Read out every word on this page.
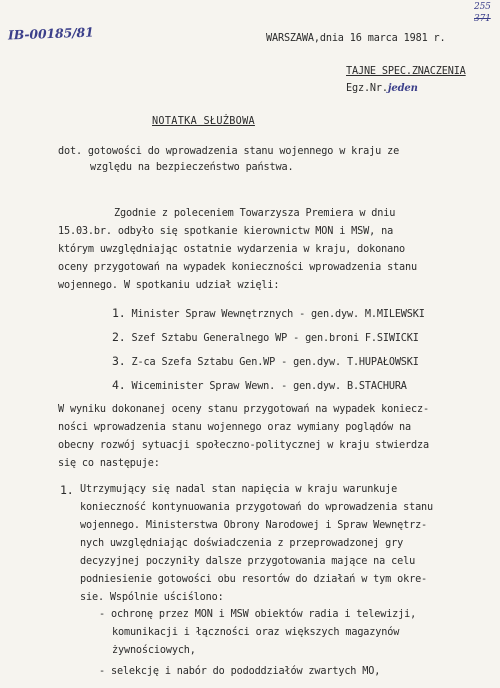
IB-00185/81
255
371
WARSZAWA,dnia 16 marca 1981 r.
TAJNE SPEC.ZNACZENIA
Egz.Nr.jeden
NOTATKA SŁUŻBOWA
dot. gotowości do wprowadzenia stanu wojennego w kraju ze
względu na bezpieczeństwo państwa.
Zgodnie z poleceniem Towarzysza Premiera w dniu
15.03.br. odbyło się spotkanie kierownictw MON i MSW, na
którym uwzględniając ostatnie wydarzenia w kraju, dokonano
oceny przygotowań na wypadek konieczności wprowadzenia stanu
wojennego. W spotkaniu udział wzięli:
1. Minister Spraw Wewnętrznych - gen.dyw. M.MILEWSKI
2. Szef Sztabu Generalnego WP - gen.broni F.SIWICKI
3. Z-ca Szefa Sztabu Gen.WP - gen.dyw. T.HUPAŁOWSKI
4. Wiceminister Spraw Wewn. - gen.dyw. B.STACHURA
W wyniku dokonanej oceny stanu przygotowań na wypadek koniecz-
ności wprowadzenia stanu wojennego oraz wymiany poglądów na
obecny rozwój sytuacji społeczno-politycznej w kraju stwierdza
się co następuje:
1. Utrzymujący się nadal stan napięcia w kraju warunkuje
konieczność kontynuowania przygotowań do wprowadzenia stanu
wojennego. Ministerstwa Obrony Narodowej i Spraw Wewnętrz-
nych uwzględniając doświadczenia z przeprowadzonej gry
decyzyjnej poczyniły dalsze przygotowania mające na celu
podniesienie gotowości obu resortów do działań w tym okre-
sie. Wspólnie uściślono:
- ochronę przez MON i MSW obiektów radia i telewizji,
komunikacji i łączności oraz większych magazynów
żywnościowych,
- selekcję i nabór do pododdziałów zwartych MO,
